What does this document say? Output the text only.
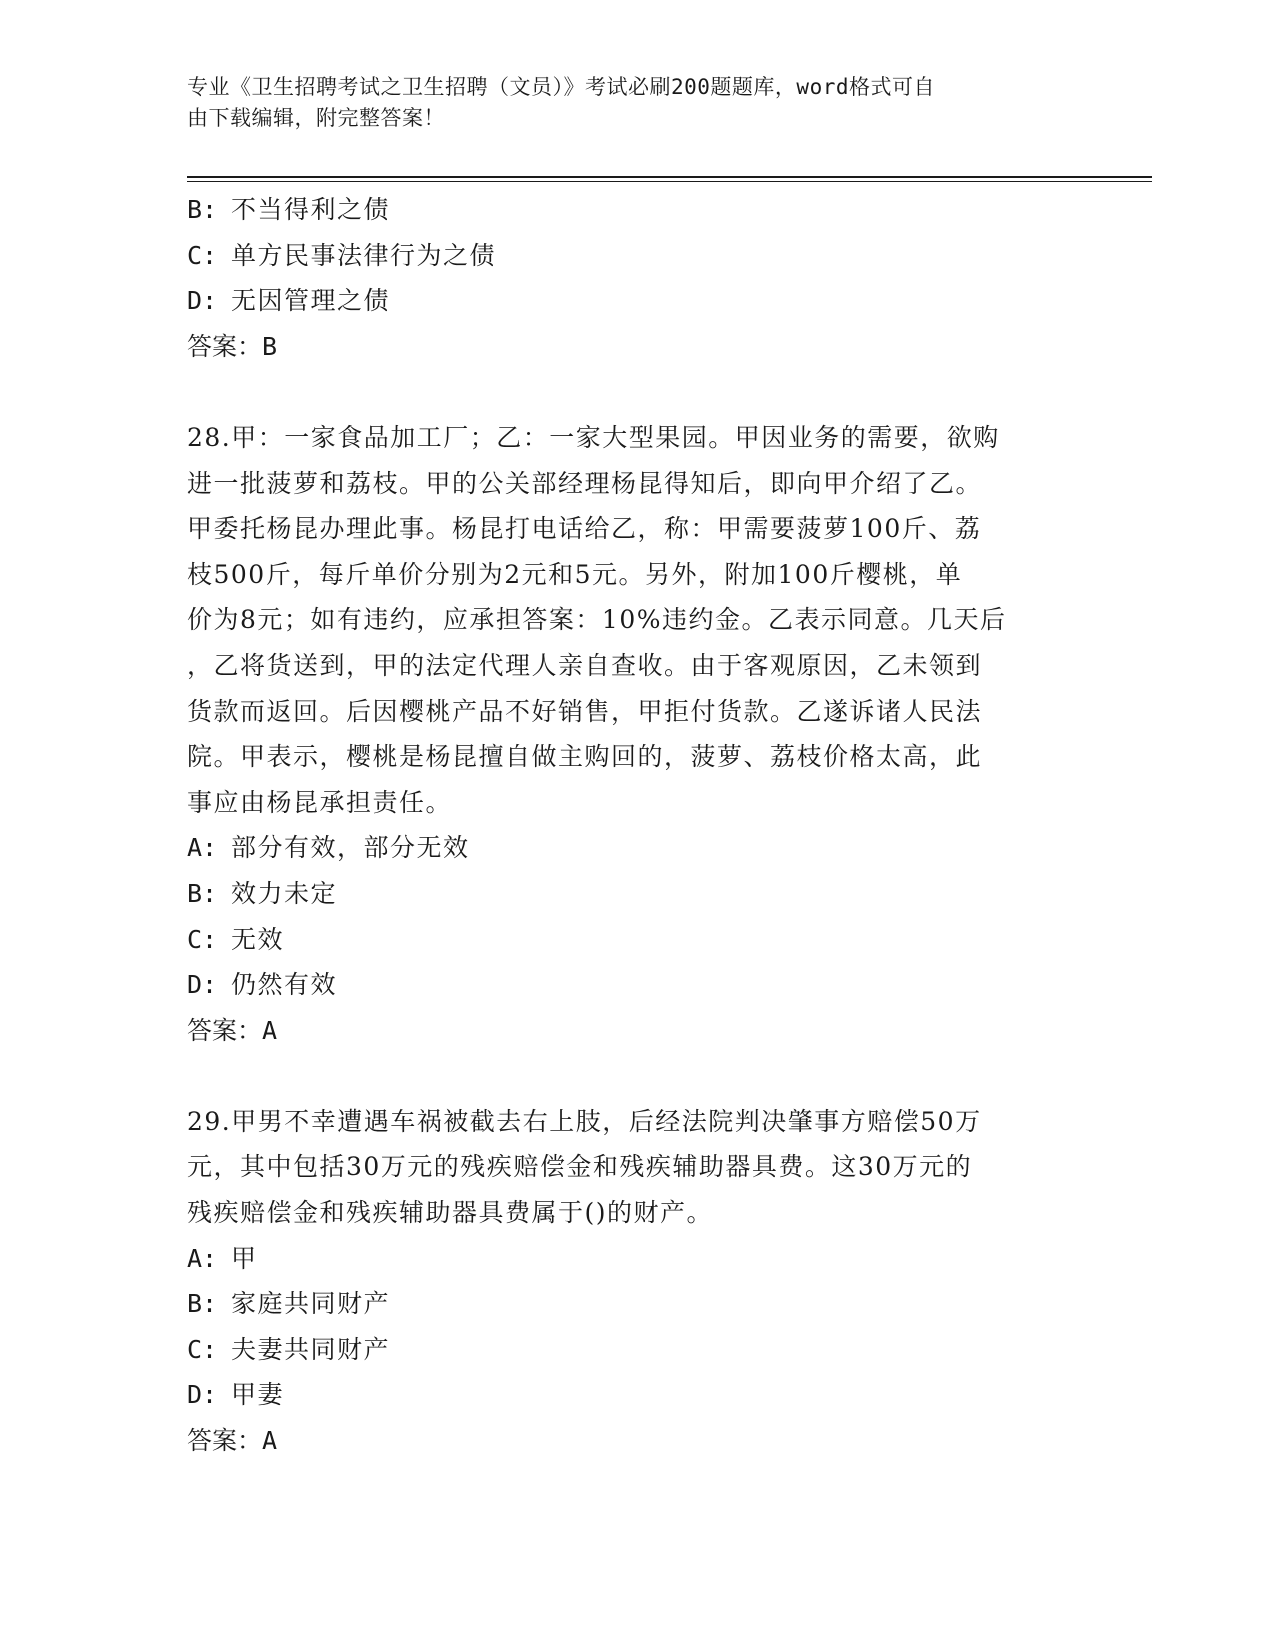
专业《卫生招聘考试之卫生招聘（文员）》考试必刷200题题库，word格式可自
由下载编辑，附完整答案！
B: 不当得利之债
C: 单方民事法律行为之债
D: 无因管理之债
答案：B
28.甲：一家食品加工厂；乙：一家大型果园。甲因业务的需要，欲购
进一批菠萝和荔枝。甲的公关部经理杨昆得知后，即向甲介绍了乙。
甲委托杨昆办理此事。杨昆打电话给乙，称：甲需要菠萝100斤、荔
枝500斤，每斤单价分别为2元和5元。另外，附加100斤樱桃，单
价为8元；如有违约，应承担答案：10%违约金。乙表示同意。几天后
，乙将货送到，甲的法定代理人亲自查收。由于客观原因，乙未领到
货款而返回。后因樱桃产品不好销售，甲拒付货款。乙遂诉诸人民法
院。甲表示，樱桃是杨昆擅自做主购回的，菠萝、荔枝价格太高，此
事应由杨昆承担责任。
A: 部分有效，部分无效
B: 效力未定
C: 无效
D: 仍然有效
答案：A
29.甲男不幸遭遇车祸被截去右上肢，后经法院判决肇事方赔偿50万
元，其中包括30万元的残疾赔偿金和残疾辅助器具费。这30万元的
残疾赔偿金和残疾辅助器具费属于()的财产。
A: 甲
B: 家庭共同财产
C: 夫妻共同财产
D: 甲妻
答案：A
